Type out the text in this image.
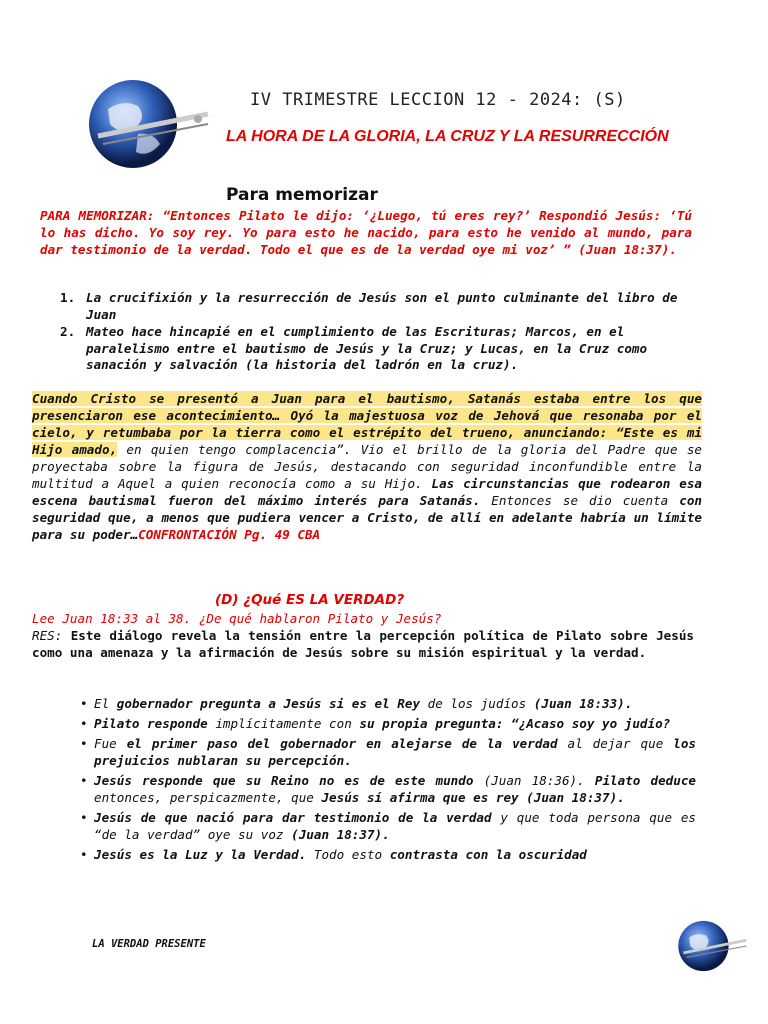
IV TRIMESTRE LECCION 12 - 2024: (S)
LA HORA DE LA GLORIA, LA CRUZ Y LA RESURRECCIÓN
Para memorizar
PARA MEMORIZAR: “Entonces Pilato le dijo: ‘¿Luego, tú eres rey?’ Respondió Jesús: ‘Tú lo has dicho. Yo soy rey. Yo para esto he nacido, para esto he venido al mundo, para dar testimonio de la verdad. Todo el que es de la verdad oye mi voz’ ” (Juan 18:37).
1. La crucifixión y la resurrección de Jesús son el punto culminante del libro de Juan
2. Mateo hace hincapié en el cumplimiento de las Escrituras; Marcos, en el paralelismo entre el bautismo de Jesús y la Cruz; y Lucas, en la Cruz como sanación y salvación (la historia del ladrón en la cruz).
Cuando Cristo se presentó a Juan para el bautismo, Satanás estaba entre los que presenciaron ese acontecimiento… Oyó la majestuosa voz de Jehová que resonaba por el cielo, y retumbaba por la tierra como el estrépito del trueno, anunciando: “Este es mi Hijo amado, en quien tengo complacencia”. Vio el brillo de la gloria del Padre que se proyectaba sobre la figura de Jesús, destacando con seguridad inconfundible entre la multitud a Aquel a quien reconocía como a su Hijo. Las circunstancias que rodearon esa escena bautismal fueron del máximo interés para Satanás. Entonces se dio cuenta con seguridad que, a menos que pudiera vencer a Cristo, de allí en adelante habría un límite para su poder…CONFRONTACIÓN Pg. 49 CBA
(D) ¿Qué ES LA VERDAD?
Lee Juan 18:33 al 38. ¿De qué hablaron Pilato y Jesús?
RES: Este diálogo revela la tensión entre la percepción política de Pilato sobre Jesús como una amenaza y la afirmación de Jesús sobre su misión espiritual y la verdad.
• El gobernador pregunta a Jesús si es el Rey de los judíos (Juan 18:33).
• Pilato responde implícitamente con su propia pregunta: “¿Acaso soy yo judío?
• Fue el primer paso del gobernador en alejarse de la verdad al dejar que los prejuicios nublaran su percepción.
• Jesús responde que su Reino no es de este mundo (Juan 18:36). Pilato deduce entonces, perspicazmente, que Jesús sí afirma que es rey (Juan 18:37).
• Jesús de que nació para dar testimonio de la verdad y que toda persona que es “de la verdad” oye su voz (Juan 18:37).
• Jesús es la Luz y la Verdad. Todo esto contrasta con la oscuridad
LA VERDAD PRESENTE
